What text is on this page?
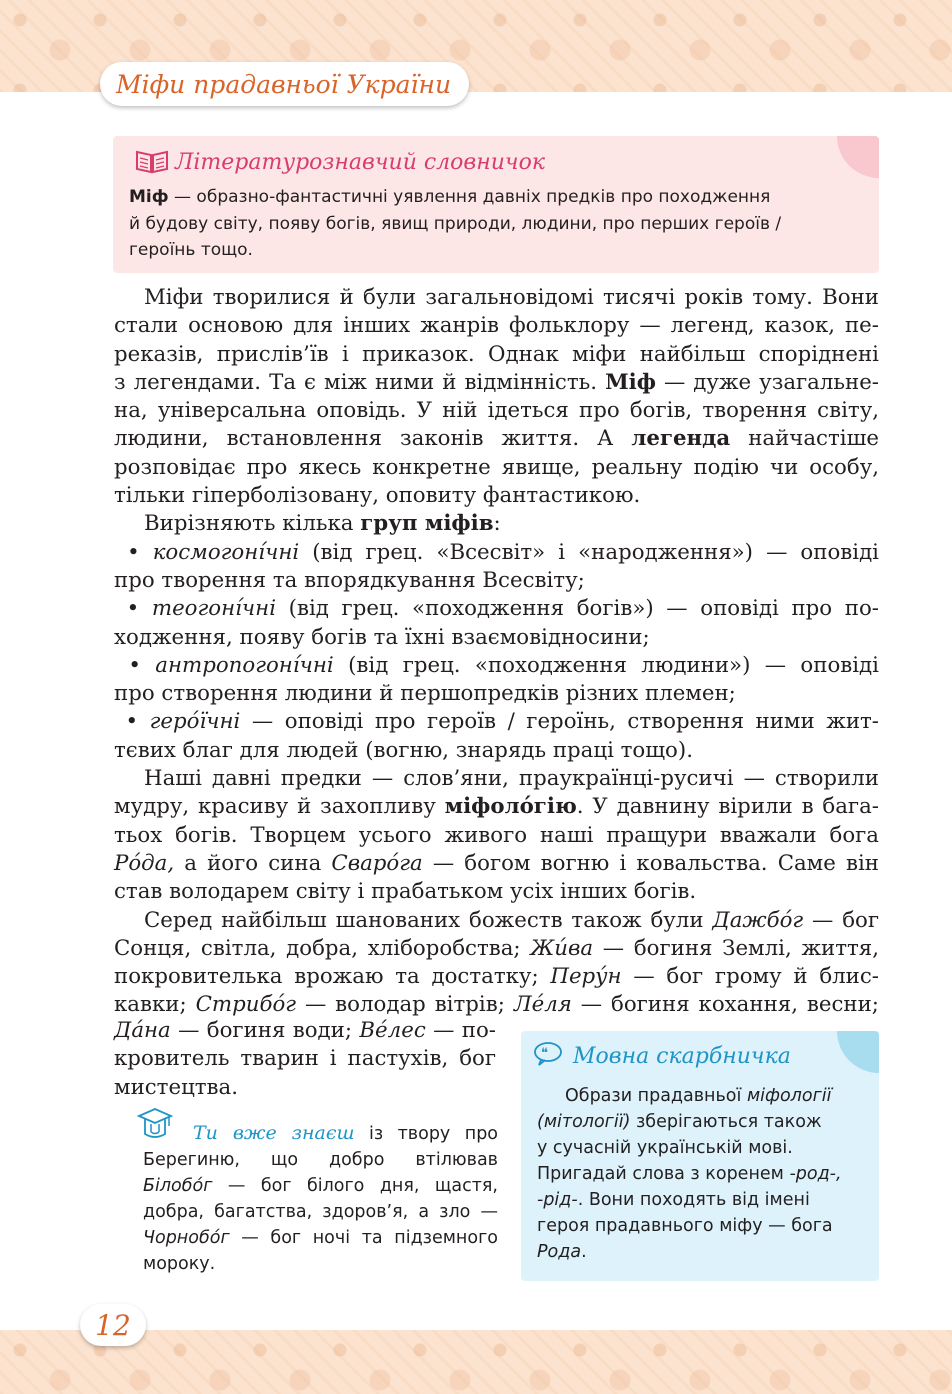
Міфи прадавньої України
Літературознавчий словничок
Міф — образно-фантастичні уявлення давніх предків про походження
й будову світу, появу богів, явищ природи, людини, про перших героїв /
героїнь тощо.
Міфи творилися й були загальновідомі тисячі років тому. Вони
стали основою для інших жанрів фольклору — легенд, казок, пе-
реказів, прислів’їв і приказок. Однак міфи найбільш споріднені
з легендами. Та є між ними й відмінність. Міф — дуже узагальне-
на, універсальна оповідь. У ній ідеться про богів, творення світу,
людини, встановлення законів життя. А легенда найчастіше
розповідає про якесь конкретне явище, реальну подію чи особу,
тільки гіперболізовану, оповиту фантастикою.
Вирізняють кілька груп міфів:
• космогоні́чні (від грец. «Всесвіт» і «народження») — оповіді
про творення та впорядкування Всесвіту;
• теогоні́чні (від грец. «походження богів») — оповіді про по-
ходження, появу богів та їхні взаємовідносини;
• антропогоні́чні (від грец. «походження людини») — оповіді
про створення людини й першопредків різних племен;
• геро́їчні — оповіді про героїв / героїнь, створення ними жит-
тєвих благ для людей (вогню, знарядь праці тощо).
Наші давні предки — слов’яни, праукраїнці-русичі — створили
мудру, красиву й захопливу міфоло́гію. У давнину вірили в бага-
тьох богів. Творцем усього живого наші пращури вважали бога
Ро́да, а його сина Сваро́га — богом вогню і ковальства. Саме він
став володарем світу і прабатьком усіх інших богів.
Серед найбільш шанованих божеств також були Дажбо́г — бог
Сонця, світла, добра, хліборобства; Жи́ва — богиня Землі, життя,
покровителька врожаю та достатку; Перу́н — бог грому й блис-
кавки; Стрибо́г — володар вітрів; Ле́ля — богиня кохання, весни;
Да́на — богиня води; Ве́лес — по-
кровитель тварин і пастухів, бог
мистецтва.
❝ Мовна скарбничка
Образи прадавньої міфології
(мітології) зберігаються також
у сучасній українській мові.
Пригадай слова з коренем -род-,
-рід-. Вони походять від імені
героя прадавнього міфу — бога
Рода.
Ти вже знаєш із твору про
Берегиню, що добро втілював
Білобо́г — бог білого дня, щастя,
добра, багатства, здоров’я, а зло —
Чорнобо́г — бог ночі та підземного
мороку.
12
